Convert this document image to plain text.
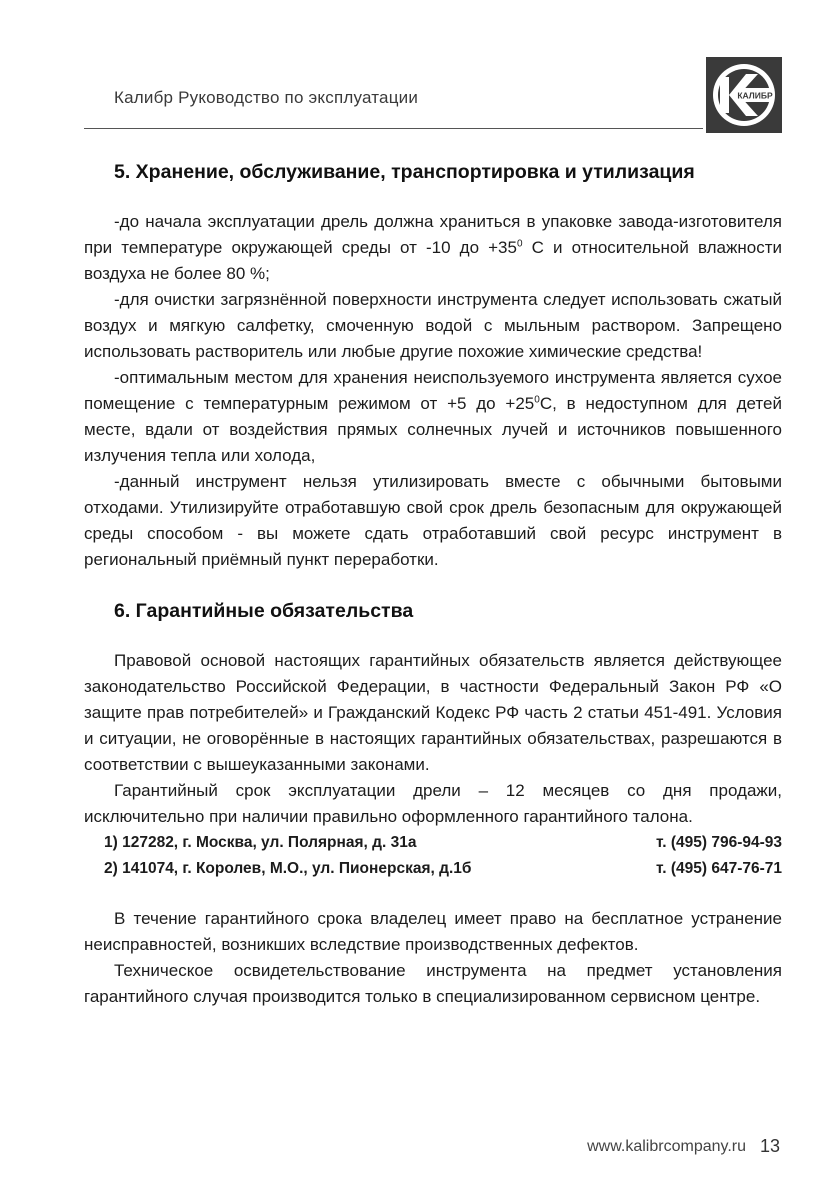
Калибр Руководство по эксплуатации	КАЛИБР
5. Хранение, обслуживание, транспортировка и утилизация

-до начала эксплуатации дрель должна храниться в упаковке завода-изготовителя при температуре окружающей среды от -10 до $+35^0$ С и относительной влажности воздуха не более 80 %;

-для очистки загрязнённой поверхности инструмента следует использовать сжатый воздух и мягкую салфетку, смоченную водой с мыльным раствором. Запрещено использовать растворитель или любые другие похожие химические средства!

-оптимальным местом для хранения неиспользуемого инструмента является сухое помещение с температурным режимом от +5 до $+25^0С$, в недоступном для детей месте, вдали от воздействия прямых солнечных лучей и источников повышенного излучения тепла или холода,

-данный инструмент нельзя утилизировать вместе с обычными бытовыми отходами. Утилизируйте отработавшую свой срок дрель безопасным для окружающей среды способом - вы можете сдать отработавший свой ресурс инструмент в региональный приёмный пункт переработки.

6. Гарантийные обязательства

Правовой основой настоящих гарантийных обязательств является действующее законодательство Российской Федерации, в частности Федеральный Закон РФ «О защите прав потребителей» и Гражданский Кодекс РФ часть 2 статьи 451-491. Условия и ситуации, не оговорённые в настоящих гарантийных обязательствах, разрешаются в соответствии с вышеуказанными законами.

Гарантийный срок эксплуатации дрели – 12 месяцев со дня продажи, исключительно при наличии правильно оформленного гарантийного талона.

1) 127282, г. Москва, ул. Полярная, д. 31а	т. (495) 796-94-93
2) 141074, г. Королев, М.О., ул. Пионерская, д.1б	т. (495) 647-76-71

В течение гарантийного срока владелец имеет право на бесплатное устранение неисправностей, возникших вследствие производственных дефектов.

Техническое освидетельствование инструмента на предмет установления гарантийного случая производится только в специализированном сервисном центре.

www.kalibrcompany.ru 13
